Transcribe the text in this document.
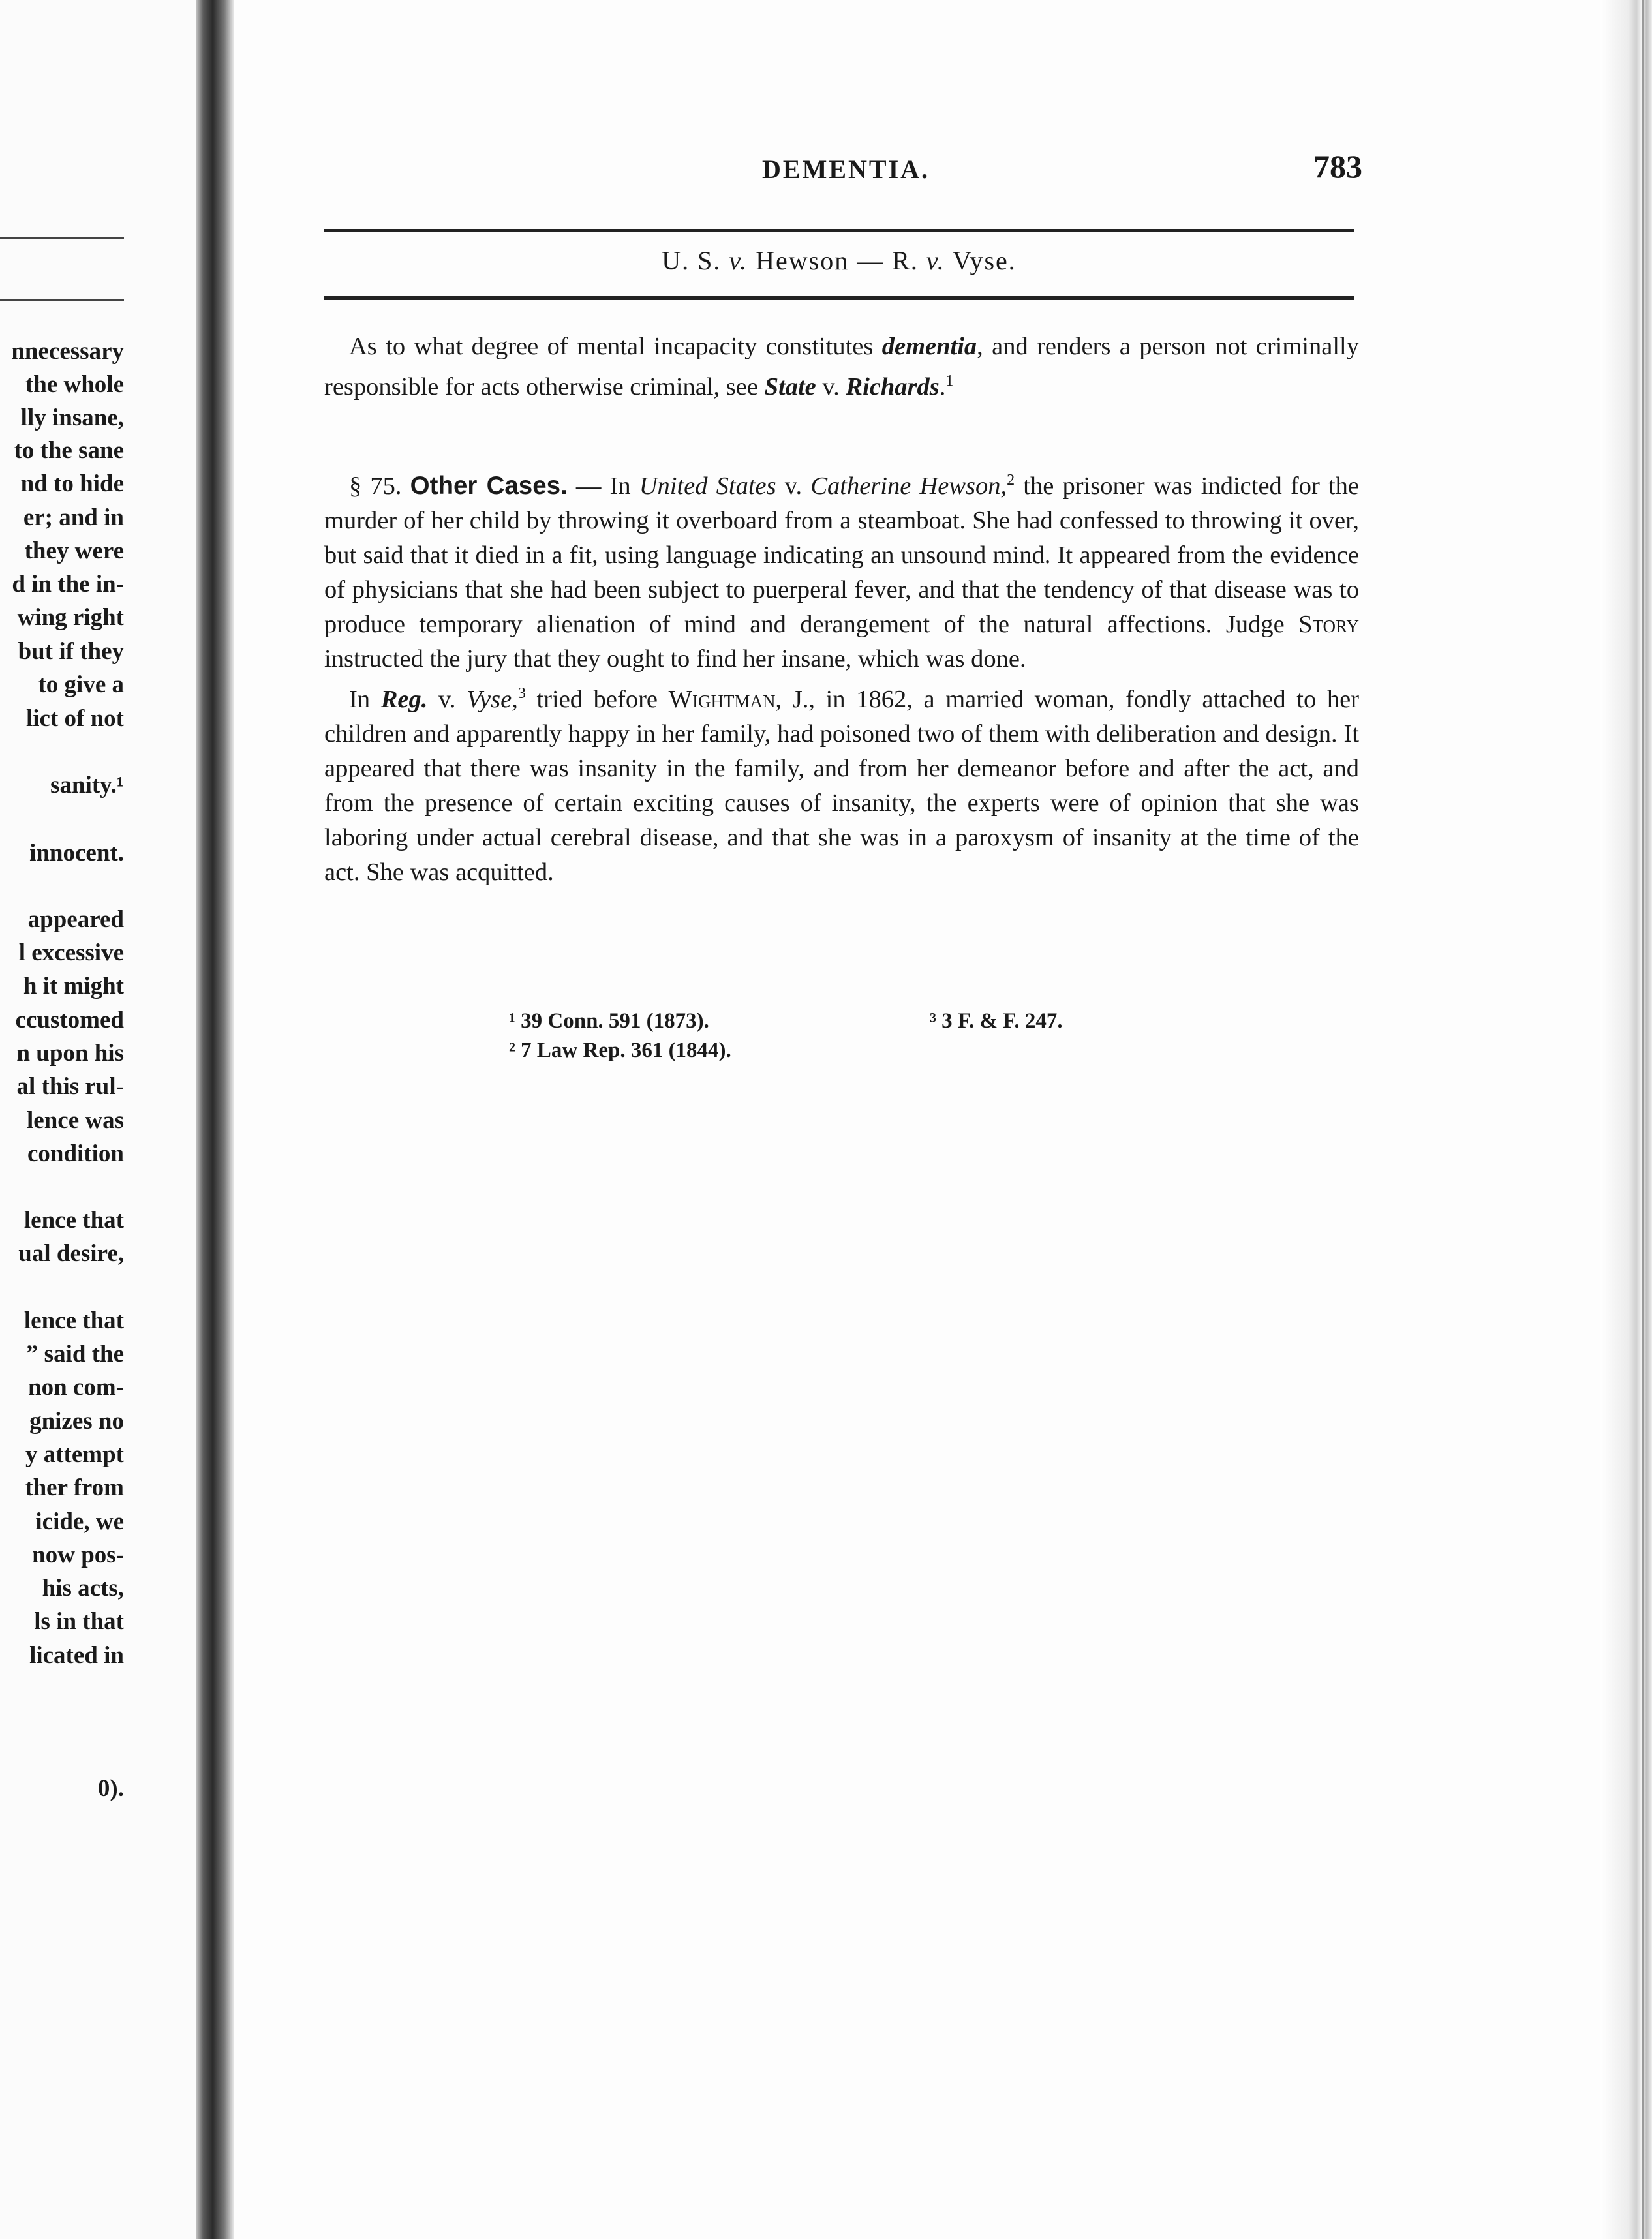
nnecessary
the whole
lly insane,
to the sane
nd to hide
er; and in
they were
d in the in-
wing right
but if they
to give a
lict of not
sanity.¹
innocent.
appeared
l excessive
h it might
ccustomed
n upon his
al this rul-
lence was
condition
lence that
ual desire,
lence that
” said the
non com-
gnizes no
y attempt
ther from
icide, we
now pos-
his acts,
ls in that
licated in
0).
DEMENTIA.	783
U. S. v. Hewson — R. v. Vyse.

As to what degree of mental incapacity constitutes dementia, and renders a person not criminally responsible for acts otherwise criminal, see State v. Richards.$^1$

§ 75. Other Cases. — In United States v. Catherine Hewson,$^2$ the prisoner was indicted for the murder of her child by throwing it overboard from a steamboat. She had confessed to throwing it over, but said that it died in a fit, using language indicating an unsound mind. It appeared from the evidence of physicians that she had been subject to puerperal fever, and that the tendency of that disease was to produce temporary alienation of mind and derangement of the natural affections. Judge Story instructed the jury that they ought to find her insane, which was done.

In Reg. v. Vyse,$^3$ tried before Wightman, J., in 1862, a married woman, fondly attached to her children and apparently happy in her family, had poisoned two of them with deliberation and design. It appeared that there was insanity in the family, and from her demeanor before and after the act, and from the presence of certain exciting causes of insanity, the experts were of opinion that she was laboring under actual cerebral disease, and that she was in a paroxysm of insanity at the time of the act. She was acquitted.

¹ 39 Conn. 591 (1873).
² 7 Law Rep. 361 (1844).
³ 3 F. & F. 247.
